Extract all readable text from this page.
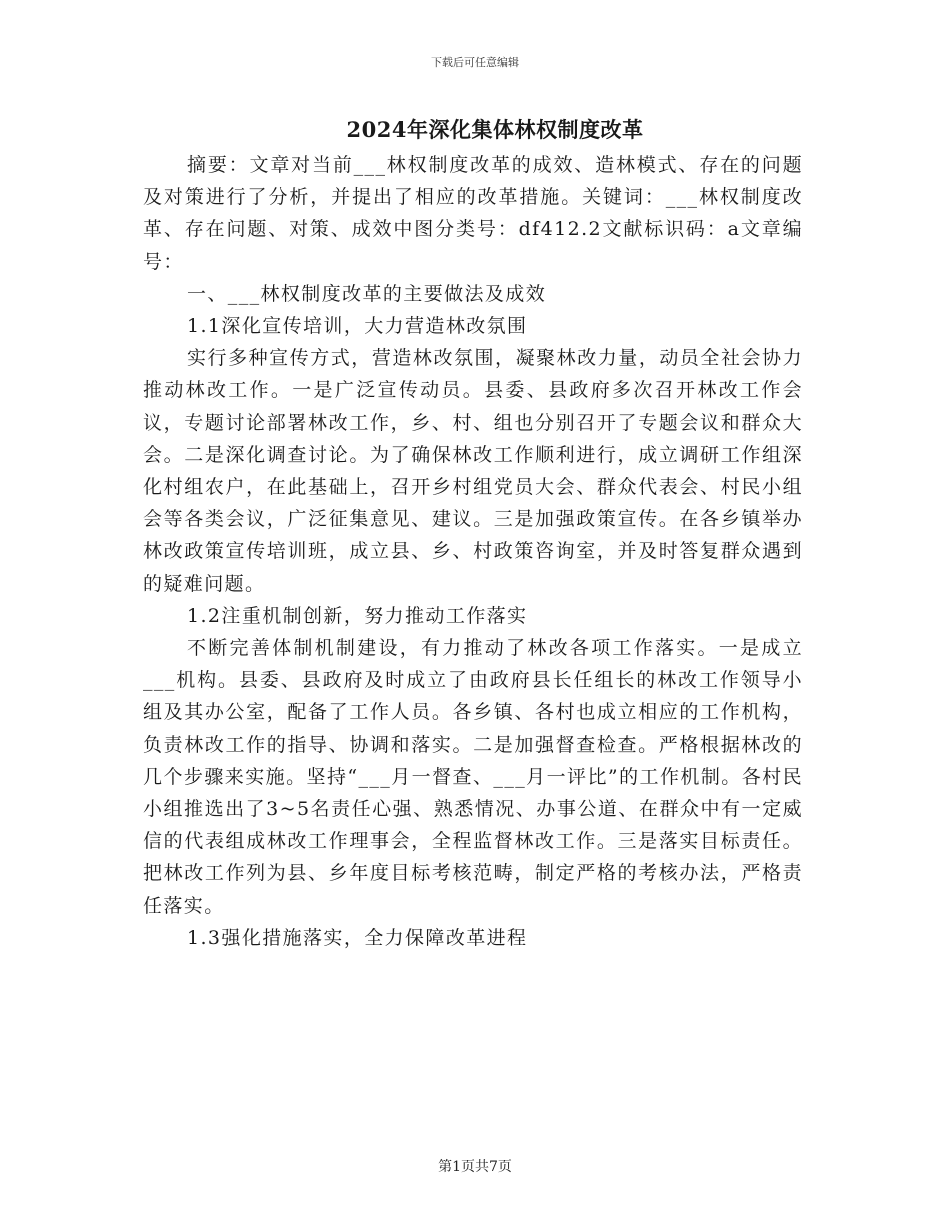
下载后可任意编辑
2024年深化集体林权制度改革

摘要：文章对当前___林权制度改革的成效、造林模式、存在的问题及对策进行了分析，并提出了相应的改革措施。关键词：___林权制度改革、存在问题、对策、成效中图分类号：df412.2文献标识码：a文章编号：

一、___林权制度改革的主要做法及成效

1.1深化宣传培训，大力营造林改氛围

实行多种宣传方式，营造林改氛围，凝聚林改力量，动员全社会协力推动林改工作。一是广泛宣传动员。县委、县政府多次召开林改工作会议，专题讨论部署林改工作，乡、村、组也分别召开了专题会议和群众大会。二是深化调查讨论。为了确保林改工作顺利进行，成立调研工作组深化村组农户，在此基础上，召开乡村组党员大会、群众代表会、村民小组会等各类会议，广泛征集意见、建议。三是加强政策宣传。在各乡镇举办林改政策宣传培训班，成立县、乡、村政策咨询室，并及时答复群众遇到的疑难问题。

1.2注重机制创新，努力推动工作落实

不断完善体制机制建设，有力推动了林改各项工作落实。一是成立___机构。县委、县政府及时成立了由政府县长任组长的林改工作领导小组及其办公室，配备了工作人员。各乡镇、各村也成立相应的工作机构，负责林改工作的指导、协调和落实。二是加强督查检查。严格根据林改的几个步骤来实施。坚持“___月一督查、___月一评比”的工作机制。各村民小组推选出了3~5名责任心强、熟悉情况、办事公道、在群众中有一定威信的代表组成林改工作理事会，全程监督林改工作。三是落实目标责任。把林改工作列为县、乡年度目标考核范畴，制定严格的考核办法，严格责任落实。

1.3强化措施落实，全力保障改革进程

第1页共7页
